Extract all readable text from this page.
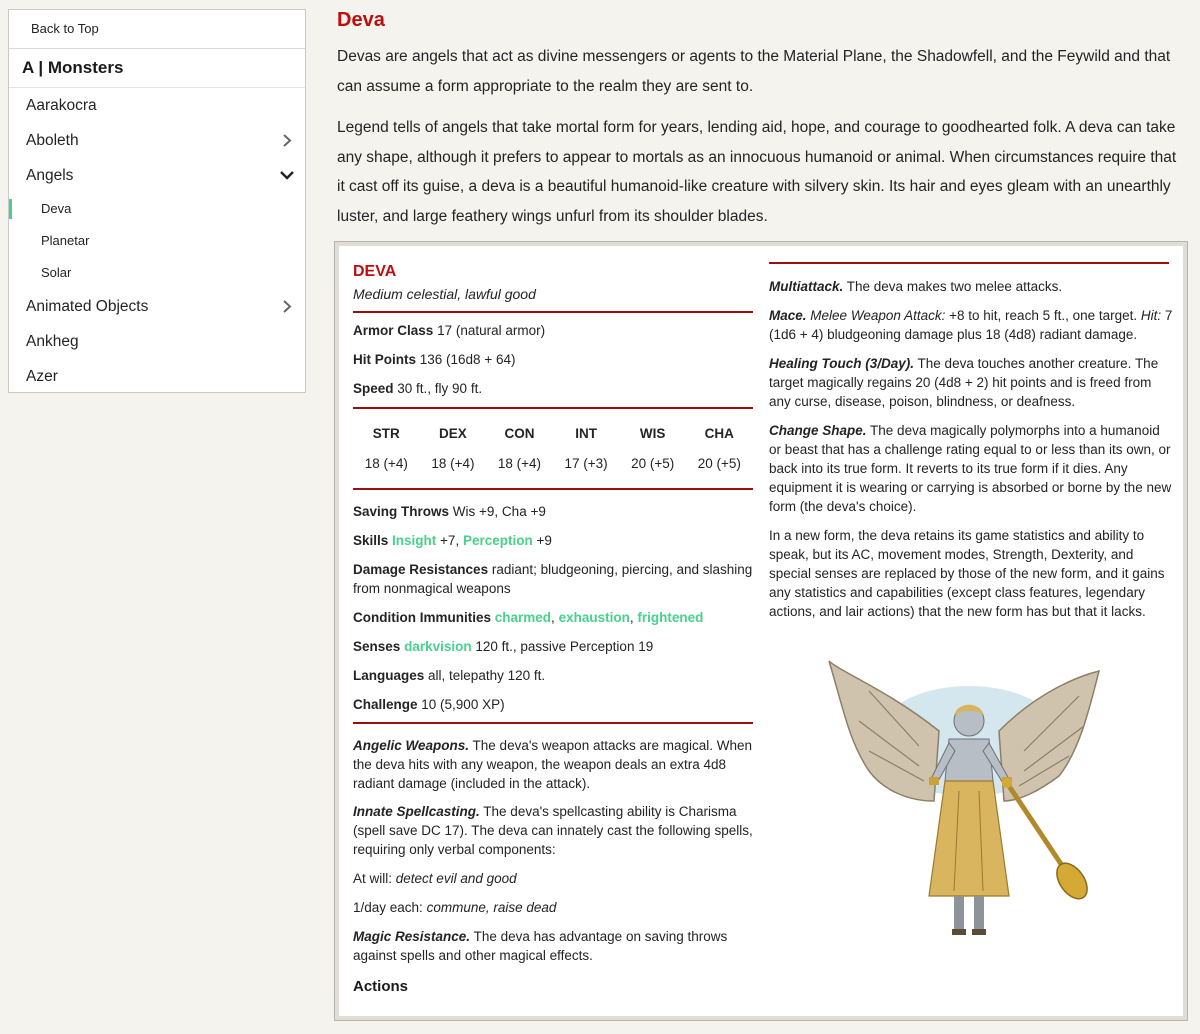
Back to Top
A | Monsters
Aarakocra
Aboleth
Angels
Deva
Planetar
Solar
Animated Objects
Ankheg
Azer
Deva

Devas are angels that act as divine messengers or agents to the Material Plane, the Shadowfell, and the Feywild and that can assume a form appropriate to the realm they are sent to.

Legend tells of angels that take mortal form for years, lending aid, hope, and courage to goodhearted folk. A deva can take any shape, although it prefers to appear to mortals as an innocuous humanoid or animal. When circumstances require that it cast off its guise, a deva is a beautiful humanoid-like creature with silvery skin. Its hair and eyes gleam with an unearthly luster, and large feathery wings unfurl from its shoulder blades.

DEVA
Medium celestial, lawful good
Armor Class 17 (natural armor)
Hit Points 136 (16d8 + 64)
Speed 30 ft., fly 90 ft.
STR	DEX	CON	INT	WIS	CHA
18 (+4)	18 (+4)	18 (+4)	17 (+3)	20 (+5)	20 (+5)
Saving Throws Wis +9, Cha +9
Skills Insight +7, Perception +9
Damage Resistances radiant; bludgeoning, piercing, and slashing from nonmagical weapons
Condition Immunities charmed, exhaustion, frightened
Senses darkvision 120 ft., passive Perception 19
Languages all, telepathy 120 ft.
Challenge 10 (5,900 XP)

Angelic Weapons. The deva's weapon attacks are magical. When the deva hits with any weapon, the weapon deals an extra 4d8 radiant damage (included in the attack).

Innate Spellcasting. The deva's spellcasting ability is Charisma (spell save DC 17). The deva can innately cast the following spells, requiring only verbal components:

At will: detect evil and good

1/day each: commune, raise dead

Magic Resistance. The deva has advantage on saving throws against spells and other magical effects.

Actions

Multiattack. The deva makes two melee attacks.

Mace. Melee Weapon Attack: +8 to hit, reach 5 ft., one target. Hit: 7 (1d6 + 4) bludgeoning damage plus 18 (4d8) radiant damage.

Healing Touch (3/Day). The deva touches another creature. The target magically regains 20 (4d8 + 2) hit points and is freed from any curse, disease, poison, blindness, or deafness.

Change Shape. The deva magically polymorphs into a humanoid or beast that has a challenge rating equal to or less than its own, or back into its true form. It reverts to its true form if it dies. Any equipment it is wearing or carrying is absorbed or borne by the new form (the deva's choice).

In a new form, the deva retains its game statistics and ability to speak, but its AC, movement modes, Strength, Dexterity, and special senses are replaced by those of the new form, and it gains any statistics and capabilities (except class features, legendary actions, and lair actions) that the new form has but that it lacks.
